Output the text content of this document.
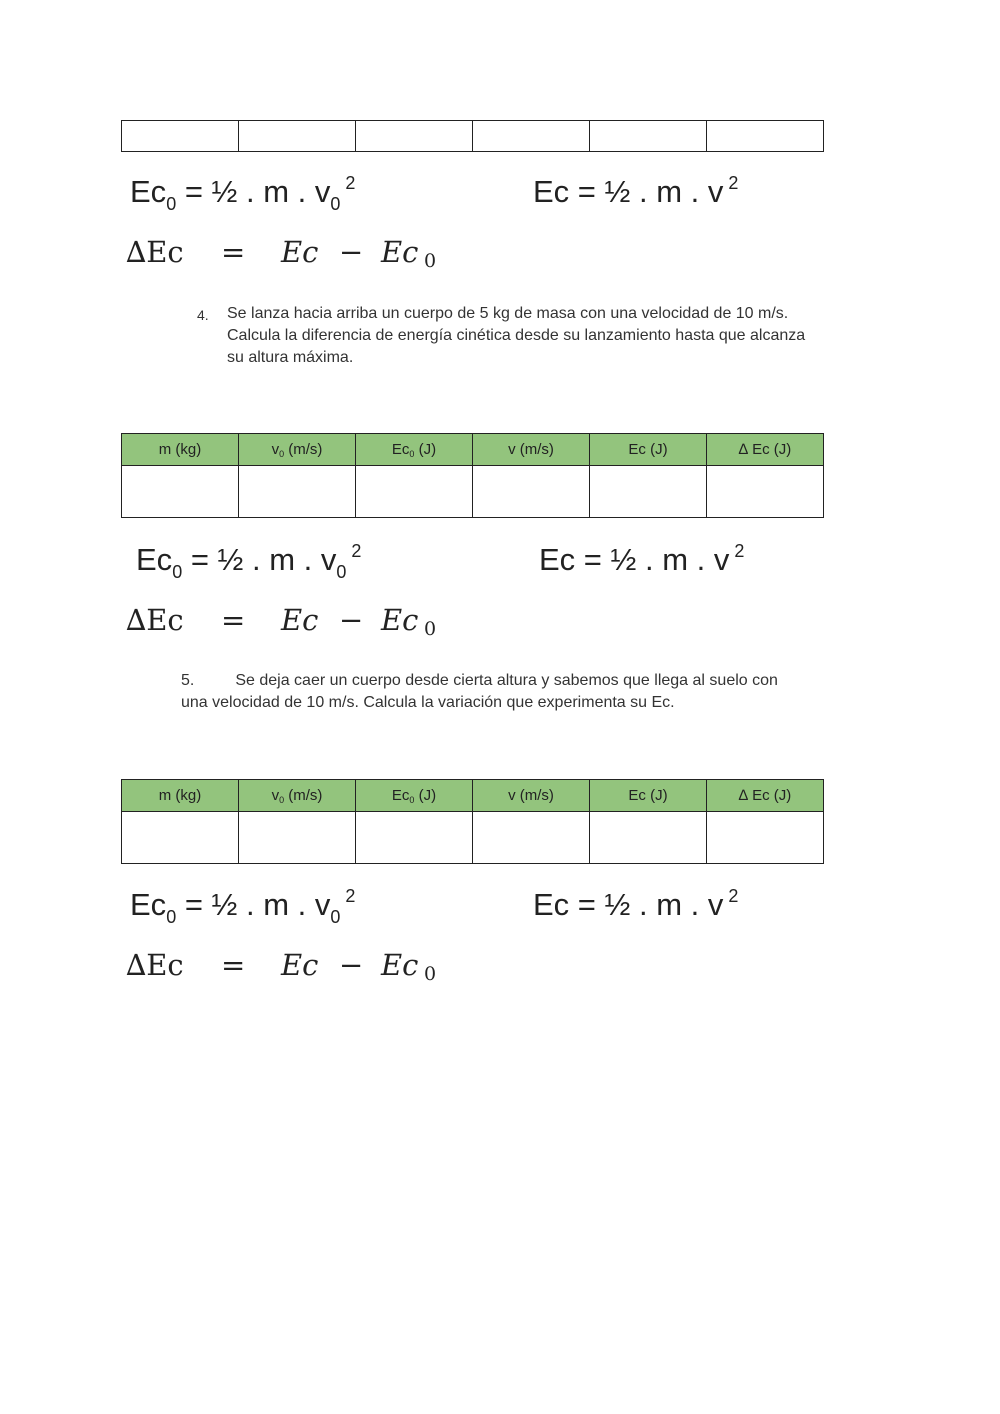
$Ec_0$ = ½ . m . $v_0$ $^2$	Ec = ½ . m . v $^2$
∆Ec = Ec − Ec 0
4. Se lanza hacia arriba un cuerpo de 5 kg de masa con una velocidad de 10 m/s.
Calcula la diferencia de energía cinética desde su lanzamiento hasta que alcanza
su altura máxima.
m (kg)	$v_0$ (m/s)	$Ec_0$ (J)	v (m/s)	Ec (J)	∆ Ec (J)

$Ec_0$ = ½ . m . $v_0$ $^2$	Ec = ½ . m . v $^2$
∆Ec = Ec − Ec 0
5.	Se deja caer un cuerpo desde cierta altura y sabemos que llega al suelo con
una velocidad de 10 m/s. Calcula la variación que experimenta su Ec.
m (kg)	$v_0$ (m/s)	$Ec_0$ (J)	v (m/s)	Ec (J)	∆ Ec (J)

$Ec_0$ = ½ . m . $v_0$ $^2$	Ec = ½ . m . v $^2$
∆Ec = Ec − Ec 0
